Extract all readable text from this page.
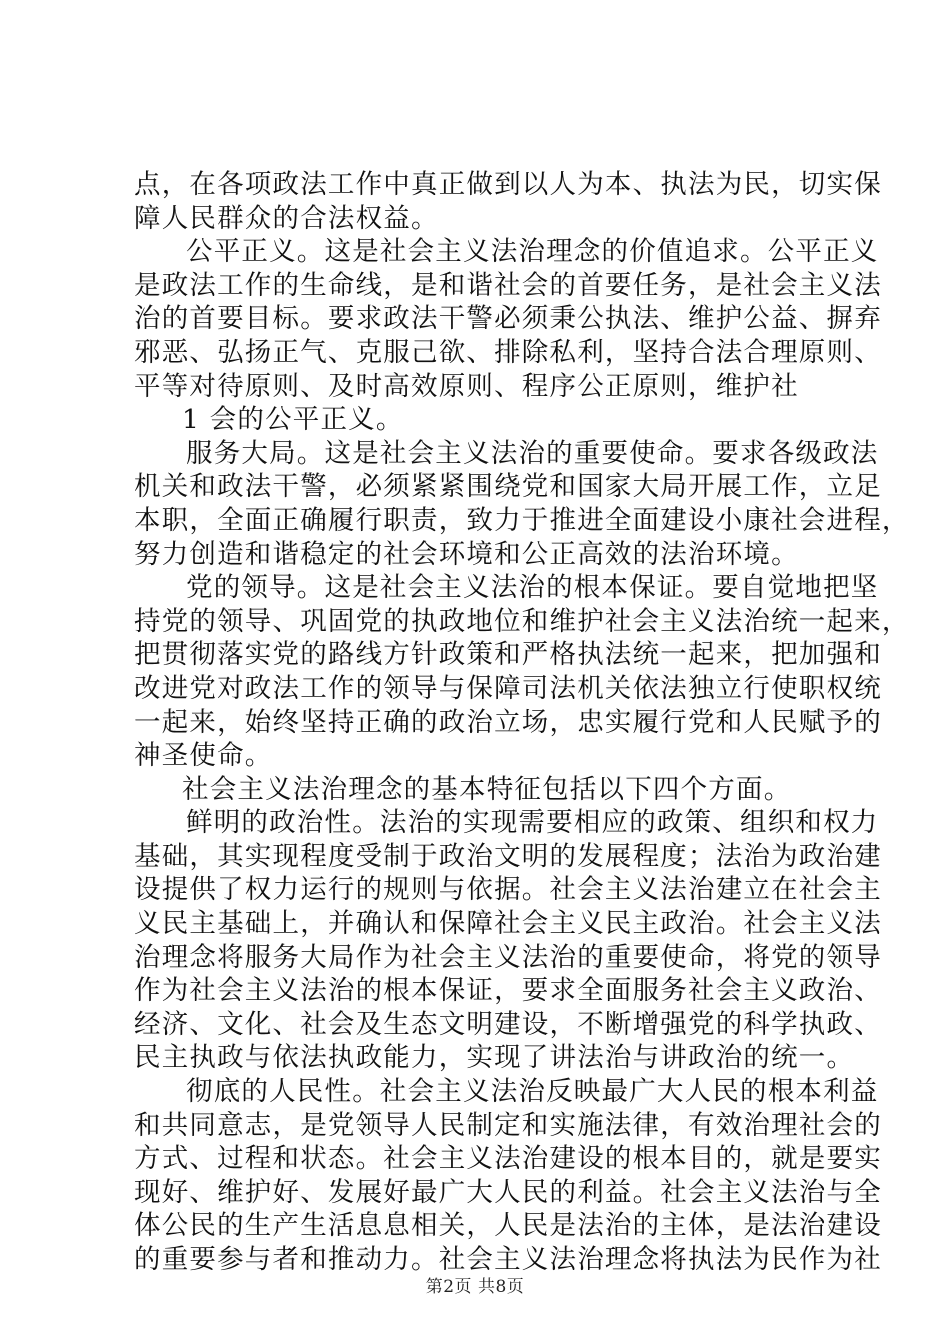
点，在各项政法工作中真正做到以人为本、执法为民，切实保
障人民群众的合法权益。
公平正义。这是社会主义法治理念的价值追求。公平正义
是政法工作的生命线，是和谐社会的首要任务，是社会主义法
治的首要目标。要求政法干警必须秉公执法、维护公益、摒弃
邪恶、弘扬正气、克服己欲、排除私利，坚持合法合理原则、
平等对待原则、及时高效原则、程序公正原则，维护社
1 会的公平正义。
服务大局。这是社会主义法治的重要使命。要求各级政法
机关和政法干警，必须紧紧围绕党和国家大局开展工作，立足
本职，全面正确履行职责，致力于推进全面建设小康社会进程，
努力创造和谐稳定的社会环境和公正高效的法治环境。
党的领导。这是社会主义法治的根本保证。要自觉地把坚
持党的领导、巩固党的执政地位和维护社会主义法治统一起来，
把贯彻落实党的路线方针政策和严格执法统一起来，把加强和
改进党对政法工作的领导与保障司法机关依法独立行使职权统
一起来，始终坚持正确的政治立场，忠实履行党和人民赋予的
神圣使命。
社会主义法治理念的基本特征包括以下四个方面。
鲜明的政治性。法治的实现需要相应的政策、组织和权力
基础，其实现程度受制于政治文明的发展程度；法治为政治建
设提供了权力运行的规则与依据。社会主义法治建立在社会主
义民主基础上，并确认和保障社会主义民主政治。社会主义法
治理念将服务大局作为社会主义法治的重要使命，将党的领导
作为社会主义法治的根本保证，要求全面服务社会主义政治、
经济、文化、社会及生态文明建设，不断增强党的科学执政、
民主执政与依法执政能力，实现了讲法治与讲政治的统一。
彻底的人民性。社会主义法治反映最广大人民的根本利益
和共同意志，是党领导人民制定和实施法律，有效治理社会的
方式、过程和状态。社会主义法治建设的根本目的，就是要实
现好、维护好、发展好最广大人民的利益。社会主义法治与全
体公民的生产生活息息相关，人民是法治的主体，是法治建设
的重要参与者和推动力。社会主义法治理念将执法为民作为社
第2页 共8页
